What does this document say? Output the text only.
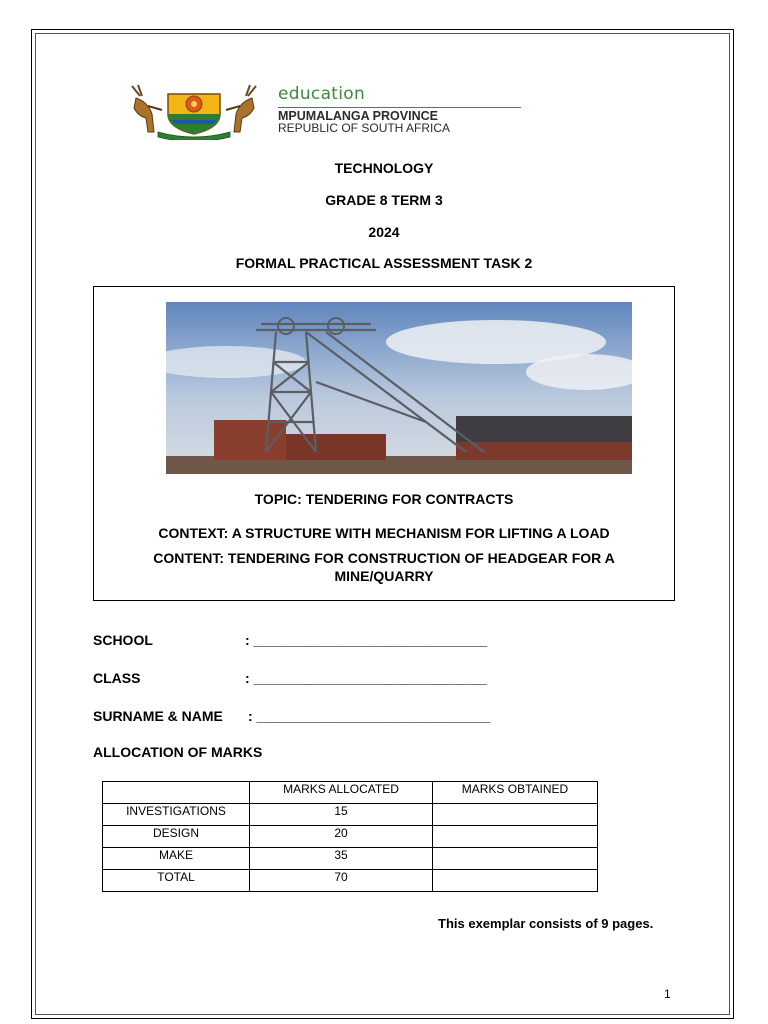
education
MPUMALANGA PROVINCE
REPUBLIC OF SOUTH AFRICA
TECHNOLOGY
GRADE 8 TERM 3
2024
FORMAL PRACTICAL ASSESSMENT TASK 2
TOPIC: TENDERING FOR CONTRACTS
CONTEXT: A STRUCTURE WITH MECHANISM FOR LIFTING A LOAD
CONTENT: TENDERING FOR CONSTRUCTION OF HEADGEAR FOR A
MINE/QUARRY
SCHOOL	: ______________________________
CLASS	: ______________________________
SURNAME & NAME : ______________________________
ALLOCATION OF MARKS
	MARKS ALLOCATED	MARKS OBTAINED
INVESTIGATIONS	15	
DESIGN	20	
MAKE	35	
TOTAL	70	
This exemplar consists of 9 pages.
1
